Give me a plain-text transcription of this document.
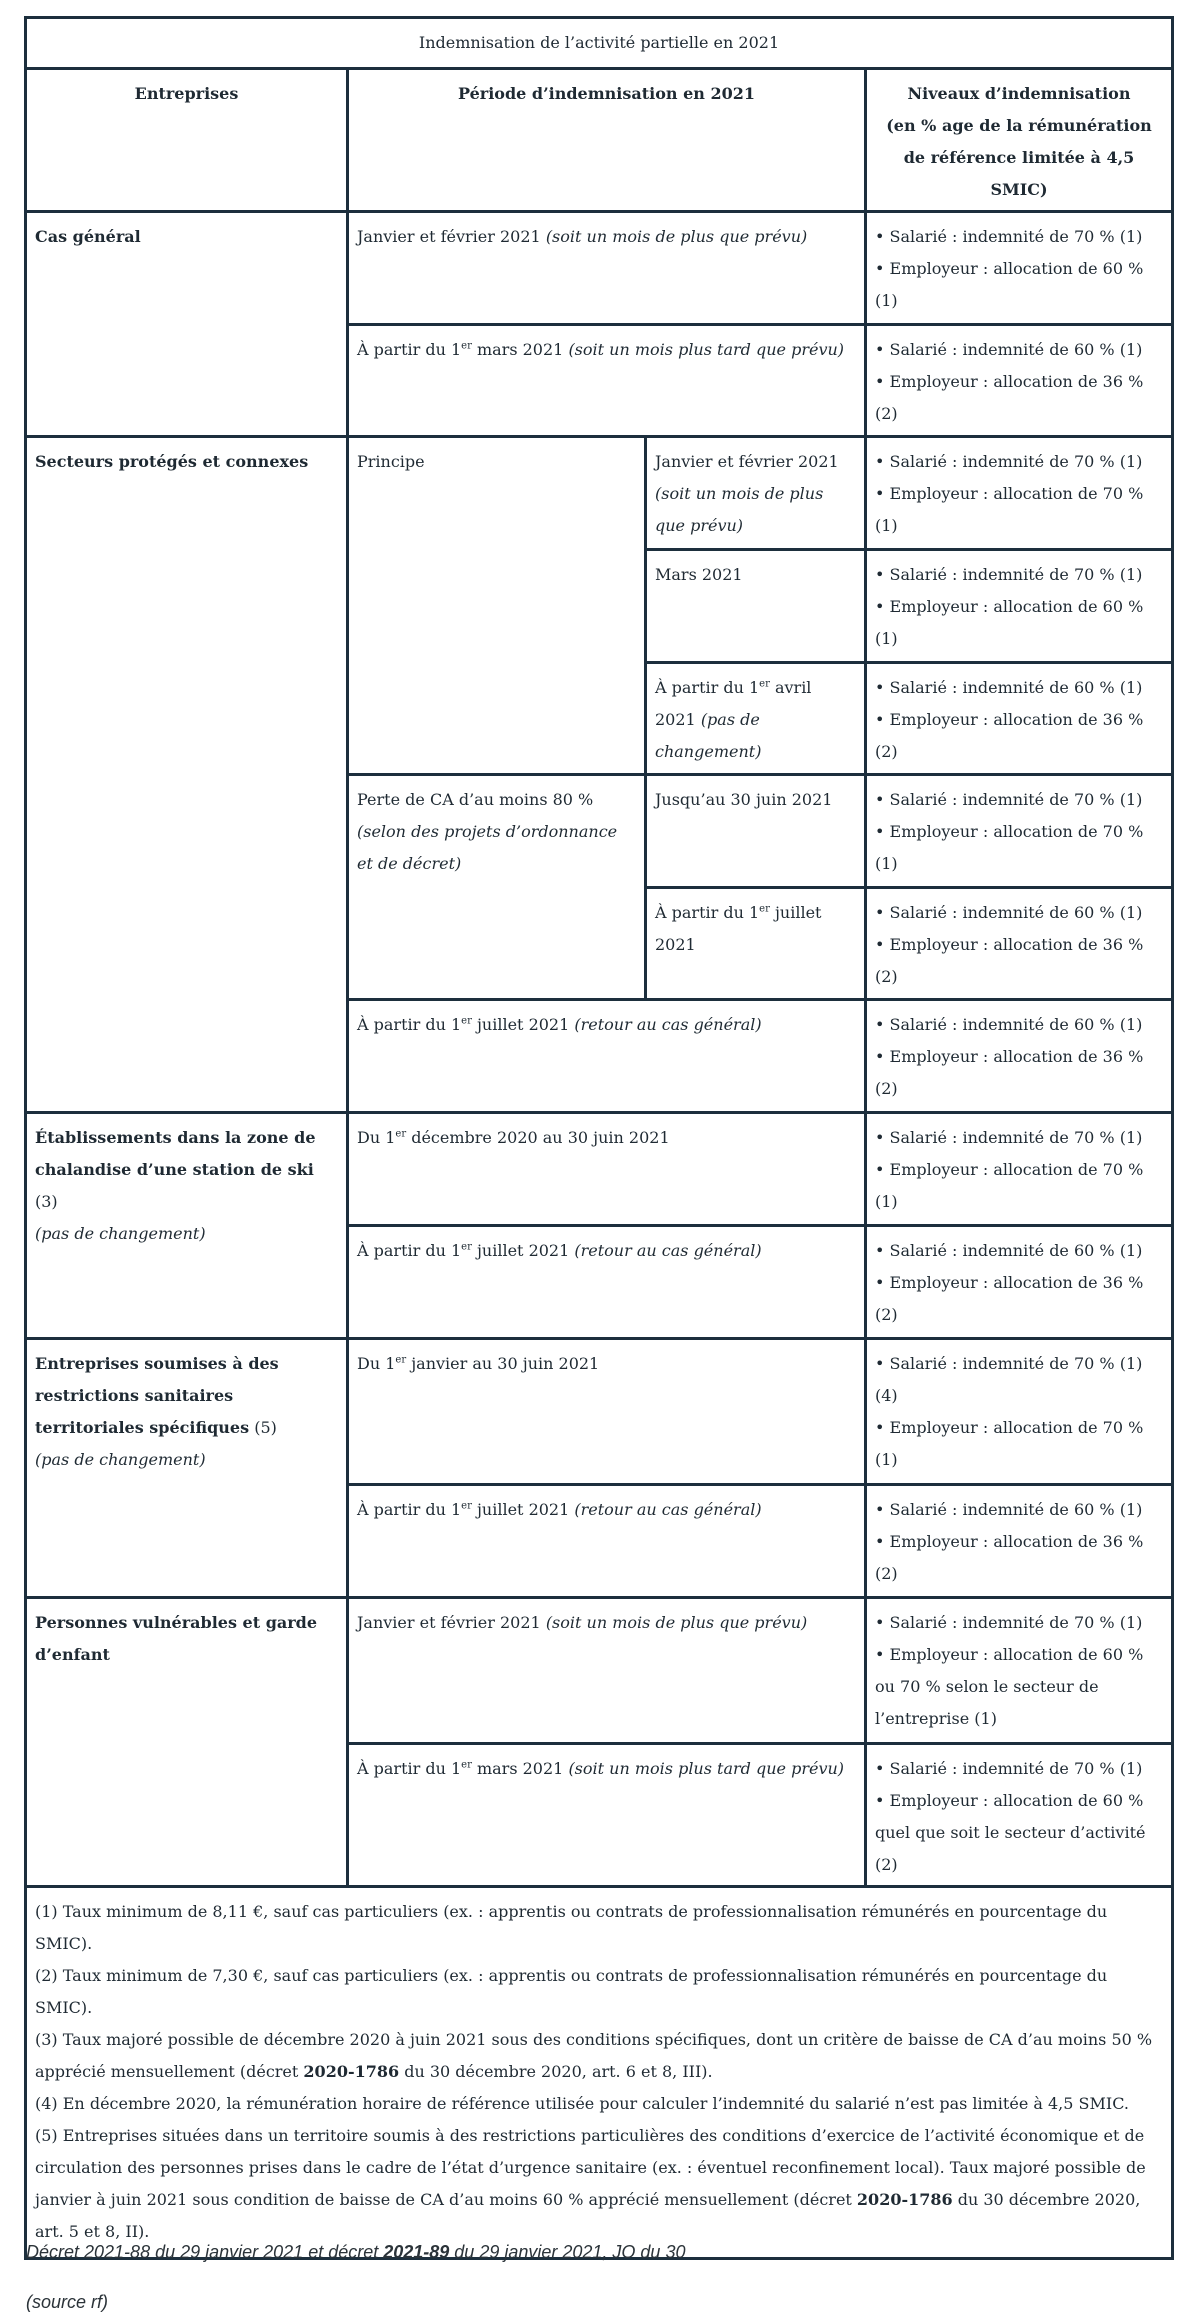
Indemnisation de l’activité partielle en 2021			
Entreprises	Période d’indemnisation en 2021		Niveaux d’indemnisation
(en % age de la rémunération de référence limitée à 4,5 SMIC)

Cas général	Janvier et février 2021 (soit un mois de plus que prévu)		• Salarié : indemnité de 70 % (1)
• Employeur : allocation de 60 % (1)

	À partir du 1er mars 2021 (soit un mois plus tard que prévu)		• Salarié : indemnité de 60 % (1)
• Employeur : allocation de 36 % (2)

Secteurs protégés et connexes	Principe	Janvier et février 2021 (soit un mois de plus que prévu)	• Salarié : indemnité de 70 % (1)
• Employeur : allocation de 70 % (1)

		Mars 2021	• Salarié : indemnité de 70 % (1)
• Employeur : allocation de 60 % (1)

		À partir du 1er avril 2021 (pas de changement)	• Salarié : indemnité de 60 % (1)
• Employeur : allocation de 36 % (2)

	Perte de CA d’au moins 80 % (selon des projets d’ordonnance et de décret)	Jusqu’au 30 juin 2021	• Salarié : indemnité de 70 % (1)
• Employeur : allocation de 70 % (1)

		À partir du 1er juillet 2021	• Salarié : indemnité de 60 % (1)
• Employeur : allocation de 36 % (2)

	À partir du 1er juillet 2021 (retour au cas général)		• Salarié : indemnité de 60 % (1)
• Employeur : allocation de 36 % (2)

Établissements dans la zone de chalandise d’une station de ski (3)
(pas de changement)	Du 1er décembre 2020 au 30 juin 2021	• Salarié : indemnité de 70 % (1)
• Employeur : allocation de 70 % (1)

	À partir du 1er juillet 2021 (retour au cas général)		• Salarié : indemnité de 60 % (1)
• Employeur : allocation de 36 % (2)

Entreprises soumises à des restrictions sanitaires territoriales spécifiques (5)
(pas de changement)	Du 1er janvier au 30 juin 2021	• Salarié : indemnité de 70 % (1) (4)
• Employeur : allocation de 70 % (1)

	À partir du 1er juillet 2021 (retour au cas général)		• Salarié : indemnité de 60 % (1)
• Employeur : allocation de 36 % (2)

Personnes vulnérables et garde d’enfant	Janvier et février 2021 (soit un mois de plus que prévu)		• Salarié : indemnité de 70 % (1)
• Employeur : allocation de 60 % ou 70 % selon le secteur de l’entreprise (1)

	À partir du 1er mars 2021 (soit un mois plus tard que prévu)		• Salarié : indemnité de 70 % (1)
• Employeur : allocation de 60 % quel que soit le secteur d’activité (2)

(1) Taux minimum de 8,11 €, sauf cas particuliers (ex. : apprentis ou contrats de professionnalisation rémunérés en pourcentage du SMIC).

(2) Taux minimum de 7,30 €, sauf cas particuliers (ex. : apprentis ou contrats de professionnalisation rémunérés en pourcentage du SMIC).

(3) Taux majoré possible de décembre 2020 à juin 2021 sous des conditions spécifiques, dont un critère de baisse de CA d’au moins 50 % apprécié mensuellement (décret 2020-1786 du 30 décembre 2020, art. 6 et 8, III).

(4) En décembre 2020, la rémunération horaire de référence utilisée pour calculer l’indemnité du salarié n’est pas limitée à 4,5 SMIC.

(5) Entreprises situées dans un territoire soumis à des restrictions particulières des conditions d’exercice de l’activité économique et de circulation des personnes prises dans le cadre de l’état d’urgence sanitaire (ex. : éventuel reconfinement local). Taux majoré possible de janvier à juin 2021 sous condition de baisse de CA d’au moins 60 % apprécié mensuellement (décret 2020-1786 du 30 décembre 2020, art. 5 et 8, II).			

Décret 2021-88 du 29 janvier 2021 et décret 2021-89 du 29 janvier 2021, JO du 30
(source rf)
